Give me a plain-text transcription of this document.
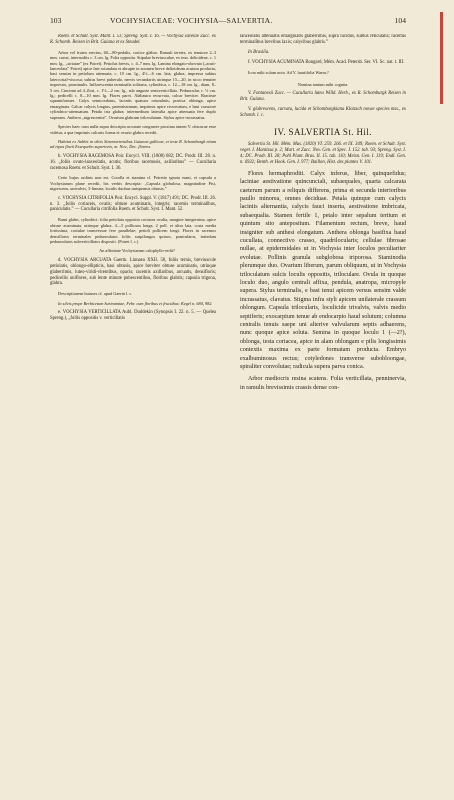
103	VOCHYSIACEAE: VOCHYSIA—SALVERTIA.	104

Roem. et Schult. Syst. Mant. I. 51; Spreng. Syst. I. 16. — Vochysia savelae Zucc. ex R. Schomb. Reisen in Brit. Guiana et ex Steudel.

Arbor vel frutex erectus, 60—80-pedalis, cortice glabro. Ramuli teretes, ex tenuiore 2–3 mm. crassi, internodiis c. 3 cm. lg. Folia opposita. Stipulae breviusculae, ex imo. deltoideae, c. 1 mm. lg., „striatae‟ (ex Poiret). Petiolus brevis, c. 4–7 mm. lg. Lamina elongato-obovata („acuti-lanceolata‟ Poiret) apice late rotundata et abrupte in acumen breve deltoideum acutum producta, basi sensim in petiolum attenuata, c. 10 cm. lg., 4½—6 cm. lata, glabra, impressa subtus latercostal-viscosa; subtus brevi puberulo, nervis secundariis utrinque 15—20, in sicco tenuiter impressis, prominulis. Inflorescentia terminalis solitaria, cylindrica, c. 12—18 cm. lg., diam. 8–5 cm. Cincinni ad 4–flori, c. 1½—2 cm. lg., sub anguste semiverticillato. Pedunculus c. ½ cm. lg.; pedicelli c. 8—10 mm. lg. Flores parvi. Alabastra recurvata, calcar breviter. Bracteae squamiformes. Calyx semicordatus, laciniis quatuor rotundatis; postica oblonga, apice emarginata. Calcar calycis longius, patentissimum, imprimis apice recurvatum, e basi crassiore cylindrico-attenuatum. Petala tria glabra; intermedium lateralia apice attenuata fere duplo superans. Anthera „nigrescentia‟. Ovarium glabrum triloculatum. Stylus apice incrassatus.

Species haec cum nulla supra descripta accurate congruere proxima tamen V. obscurae esse videtur, a qua imprimis calcaris forma et ovario glabro recedit.

Habitat ex Aublet in silvis Sinemariensibus Guianae gallicae, et teste R. Schomburgk etiam ad ripas fluvii Essequebo superioris, m. Nov., Dec. florens.

b. VOCHYSIA RACEMOSA Poir. Encycl. VIII. (1808) 682; DC. Prodr. III. 28. n. 16. „foliis ovato-lanceolatis, acutis; floribus racemosis, axillaribus‟ — Cucullaria racemosa Roem. et Schult. Syst. I. 36.

Certe hujus ordinis non est. Corolla et stamina cl. Poiretio ignota erant, et capsula a Vochysiarum plane recedit, his verbis descripta: „Capsula globulosa, magnitudine Pisi, nigrescens, univalvis, 3-lineata; loculis duobus unispermis obtusis.‟

c. VOCHYSIA CITRIFOLIA Poir. Encycl. Suppl. V. (1817) 491; DC. Prodr. III. 26. n. 3. „foliis coriaceis, ovatis; obtuse acuminatis, integris; racemis terminalibus, paniculatis.‟ — Cucullaria citrifolia Roem. et Schult. Syst. I. Mant. 52.

Rami glabri, cylindrici; folia petiolata opposita coriacea ovalia, margine integerrima, apice obtuse acuminata, utrinque glabra, 4—5 pollicum longa, 2 poll. et ultra lata, costa media fortissima, costulae transversae fere parallelae; petioli pollicem longi. Flores in racemos densifloros terminales pedunculatos foliis suspilongos quinos, paniculatos, interdum pedunculatos subverticillatos dispositi. (Poiret l. c.)

An affinitate Vochysiarum calophyllo-erdii?

d. VOCHYSIA ARCUATA Gaertn. Linnaea XXII. 58, foliis ternis, breviuscule petiolatis, oblongo-ellipticis, basi obtusis, apice breviter obtuse acuminatis, utrinque glaberrimis, luteo-viridi-virentibus, opacis; racemis axillaribus, arcuatis, densifloris; pedicellis uniflores, sub lente minute pubescentibus, floribus glabris; capsula trigona, glabra.

Descriptionem huiuses cf. apud Gaertn l. c.

In silvis prope Berbicetum Surinamiae, Febr. cum floribus et fructibus: Kegel n. 684, 982.

e. VOCHYSIA VERTICILLATA Aubl. Duddekin (Synopsis I. 22. n. 5. — Quelea Spreng.), „foliis oppositis v. verticillatis

lanceolatis attenuatis emarginatis glaberrimis, supra lucidus, subtus reticulatis; racemis terminalibus brevibus laxis; calycibus glabris.‟

In Brasilia.

f. VOCHYSIA ACUMINATA Bongard, Mém. Acad. Petersb. Ser. VI. Sc. nat. t. III.

Icon mihi solum nota. Ad V. lauriifolia Warm.?

Nomina tantum mihi cognita.

V. Fontanesii Zucc. — Cucullaria lutea Willd. Herb., ex R. Schomburgk Reisen in Brit. Guiana.

V. glabrescens, curvata, lucida et Schomburgkiana Klotzsch novae species mss., ex Schomb. l. c.

IV. SALVERTIA St. Hil.

Salvertia St. Hil. Mém. Mus. (1820) VI. 259. 266. et IX. 349; Roem. et Schult. Syst. veget. I. Mantissa p. 2; Mart. et Zucc. Nov. Gen. et Spec. I. 152. tab. 93; Spreng. Syst. I. 4; DC. Prodr. III. 28; Pohl Plant. Bras. II. 15. tab. 110; Meisn. Gen. I. 119; Endl. Gen. n. 6932; Benth. et Hook. Gen. I. 977; Baillon, Hist. des plantes V. 101.

Flores hermaphroditi. Calyx inferus, liber, quinquefidus; laciniae aestivatione quincunciali, subaequales, quarta calcarata caeterum parum a reliquis differens, prima et secunda interioribus paullo minorea, omnes deciduae. Petala quinque cum calycis laciniis alternantia, calycis fauci inserta, aestivatione imbricata, subaequalia. Stamen fertile 1, petalo inter sepalum tertium et quintum sito antepositum. Filamentum rectum, breve, haud insigniter sub anthesi elongatum. Anthera oblonga basifixa haud cucullata, connectivo crasso, quadrilocularis; cellulae fibrosae nullae, at epidermidales ut in Vochysia inter loculos peculiariter evolutae. Pollinis granula subglobosa triporosa. Staminodia plerumque duo. Ovarium liberum, parum obliquum, ut in Vochysia triloculatum sulcis loculis oppositis, triloculare. Ovula in quoque loculo duo, angulo centrali affixa, pendula, anatropa, micropyle supera. Stylus terminalis, e basi tenui apicem versus sensim valde incrassatus, clavatus. Stigma infra styli apicem unilaterale crassum oblongum. Capsula trilocularis, loculicide trivalvis, valvis medio septiferis; exocarpium tenue ab endocarpio haud solutum; columna centralis tenuis saepe uni alterive valvularum septis adhaerens, nunc quoque apice soluta. Semina in quoque loculo 1 (—2?), oblonga, testa coriacea, apice in alam oblongam e pilis longissimis contextis maxima ex parte formatam producta. Embryo exalbuminosus rectus; cotyledones transverse subobloongae, spiraliter convolutae; radicula supera parva conica.

Arbor mediocris resina scatens. Folia verticillata, penninervia, in ramulis brevissimis crassis dense con-
